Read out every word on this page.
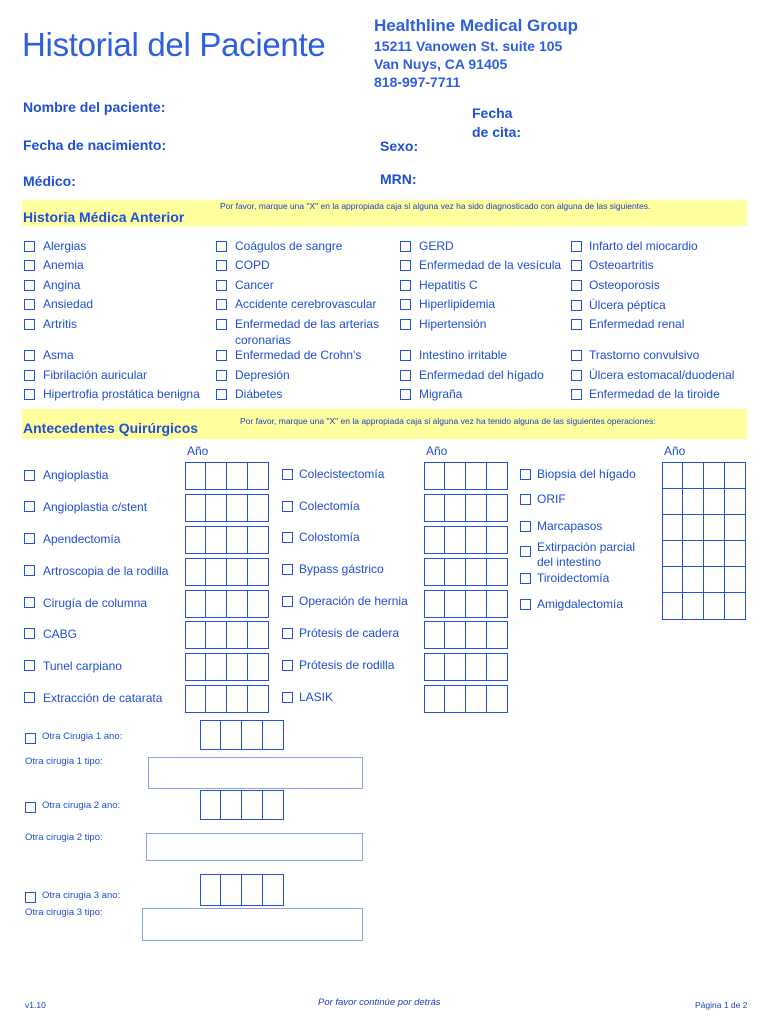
Historial del Paciente
Healthline Medical Group
15211 Vanowen St. suite 105
Van Nuys, CA 91405
818-997-7711
Nombre del paciente:
Fecha de nacimiento:
Médico:
Fecha
de cita:
Sexo:
MRN:
Historia Médica Anterior
Por favor, marque una "X" en la appropiada caja si alguna vez ha sido diagnosticado con alguna de las siguientes.
Alergias
Anemia
Angina
Ansiedad
Artritis
Asma
Fibrilación auricular
Hipertrofia prostática benigna
Coágulos de sangre
COPD
Cancer
Accidente cerebrovascular
Enfermedad de las arterias
coronarias
Enfermedad de Crohn's
Depresión
Diábetes
GERD
Enfermedad de la vesícula
Hepatitis C
Hiperlipidemia
Hipertensión
Intestino irritable
Enfermedad del hígado
Migraña
Infarto del miocardio
Osteoartritis
Osteoporosis
Úlcera péptica
Enfermedad renal
Trastorno convulsivo
Úlcera estomacal/duodenal
Enfermedad de la tiroide
Antecedentes Quirúrgicos	Por favor, marque una "X" en la appropiada caja si alguna vez ha tenido alguna de las siguientes operaciones:
Año	Año	Año
Angioplastia
Angioplastia c/stent
Apendectomía
Artroscopia de la rodilla
Cirugía de columna
CABG
Tunel carpiano
Extracción de catarata
Colecistectomía
Colectomía
Colostomía
Bypass gástrico
Operación de hernia
Prótesis de cadera
Prótesis de rodilla
LASIK
Biopsia del hígado
ORIF
Marcapasos
Extirpación parcial
del intestino
Tiroidectomía
Amigdalectomía
Otra Cirugia 1 ano:
Otra cirugia 1 tipo:
Otra cirugia 2 ano:
Otra cirugia 2 tipo:
Otra cirugia 3 ano:
Otra cirugia 3 tipo:
v1.10	Por favor continúe por detrás	Página 1 de 2
